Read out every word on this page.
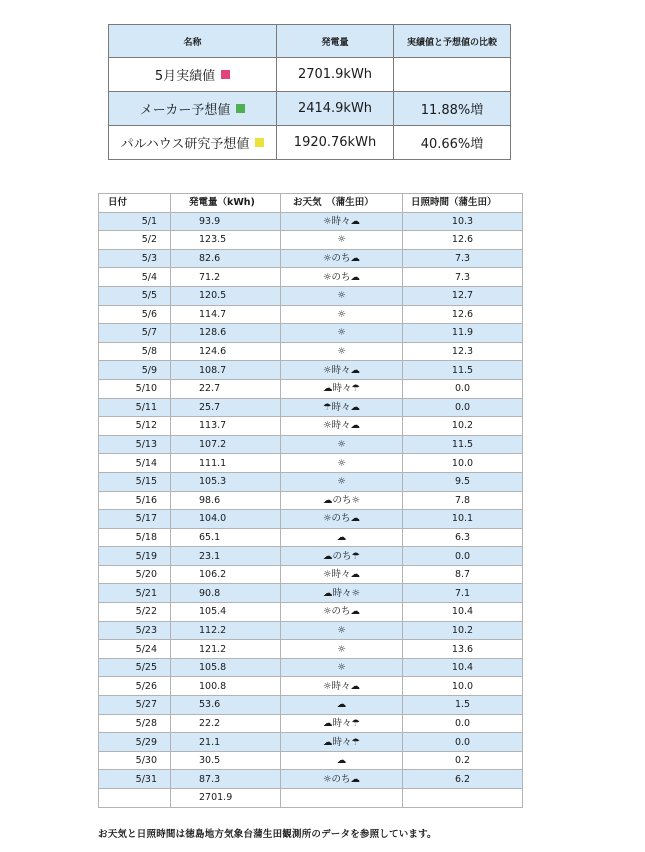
名称	発電量	実績値と予想値の比較
5月実績値	2701.9kWh	
メーカー予想値	2414.9kWh	11.88%増
パルハウス研究予想値	1920.76kWh	40.66%増
日付	発電量（kWh)	お天気　（蒲生田）	日照時間（蒲生田）
5/1	93.9	☼時々☁	10.3
5/2	123.5	☼	12.6
5/3	82.6	☼のち☁	7.3
5/4	71.2	☼のち☁	7.3
5/5	120.5	☼	12.7
5/6	114.7	☼	12.6
5/7	128.6	☼	11.9
5/8	124.6	☼	12.3
5/9	108.7	☼時々☁	11.5
5/10	22.7	☁時々☂	0.0
5/11	25.7	☂時々☁	0.0
5/12	113.7	☼時々☁	10.2
5/13	107.2	☼	11.5
5/14	111.1	☼	10.0
5/15	105.3	☼	9.5
5/16	98.6	☁のち☼	7.8
5/17	104.0	☼のち☁	10.1
5/18	65.1	☁	6.3
5/19	23.1	☁のち☂	0.0
5/20	106.2	☼時々☁	8.7
5/21	90.8	☁時々☼	7.1
5/22	105.4	☼のち☁	10.4
5/23	112.2	☼	10.2
5/24	121.2	☼	13.6
5/25	105.8	☼	10.4
5/26	100.8	☼時々☁	10.0
5/27	53.6	☁	1.5
5/28	22.2	☁時々☂	0.0
5/29	21.1	☁時々☂	0.0
5/30	30.5	☁	0.2
5/31	87.3	☼のち☁	6.2
	2701.9		
お天気と日照時間は徳島地方気象台蒲生田観測所のデータを参照しています。
